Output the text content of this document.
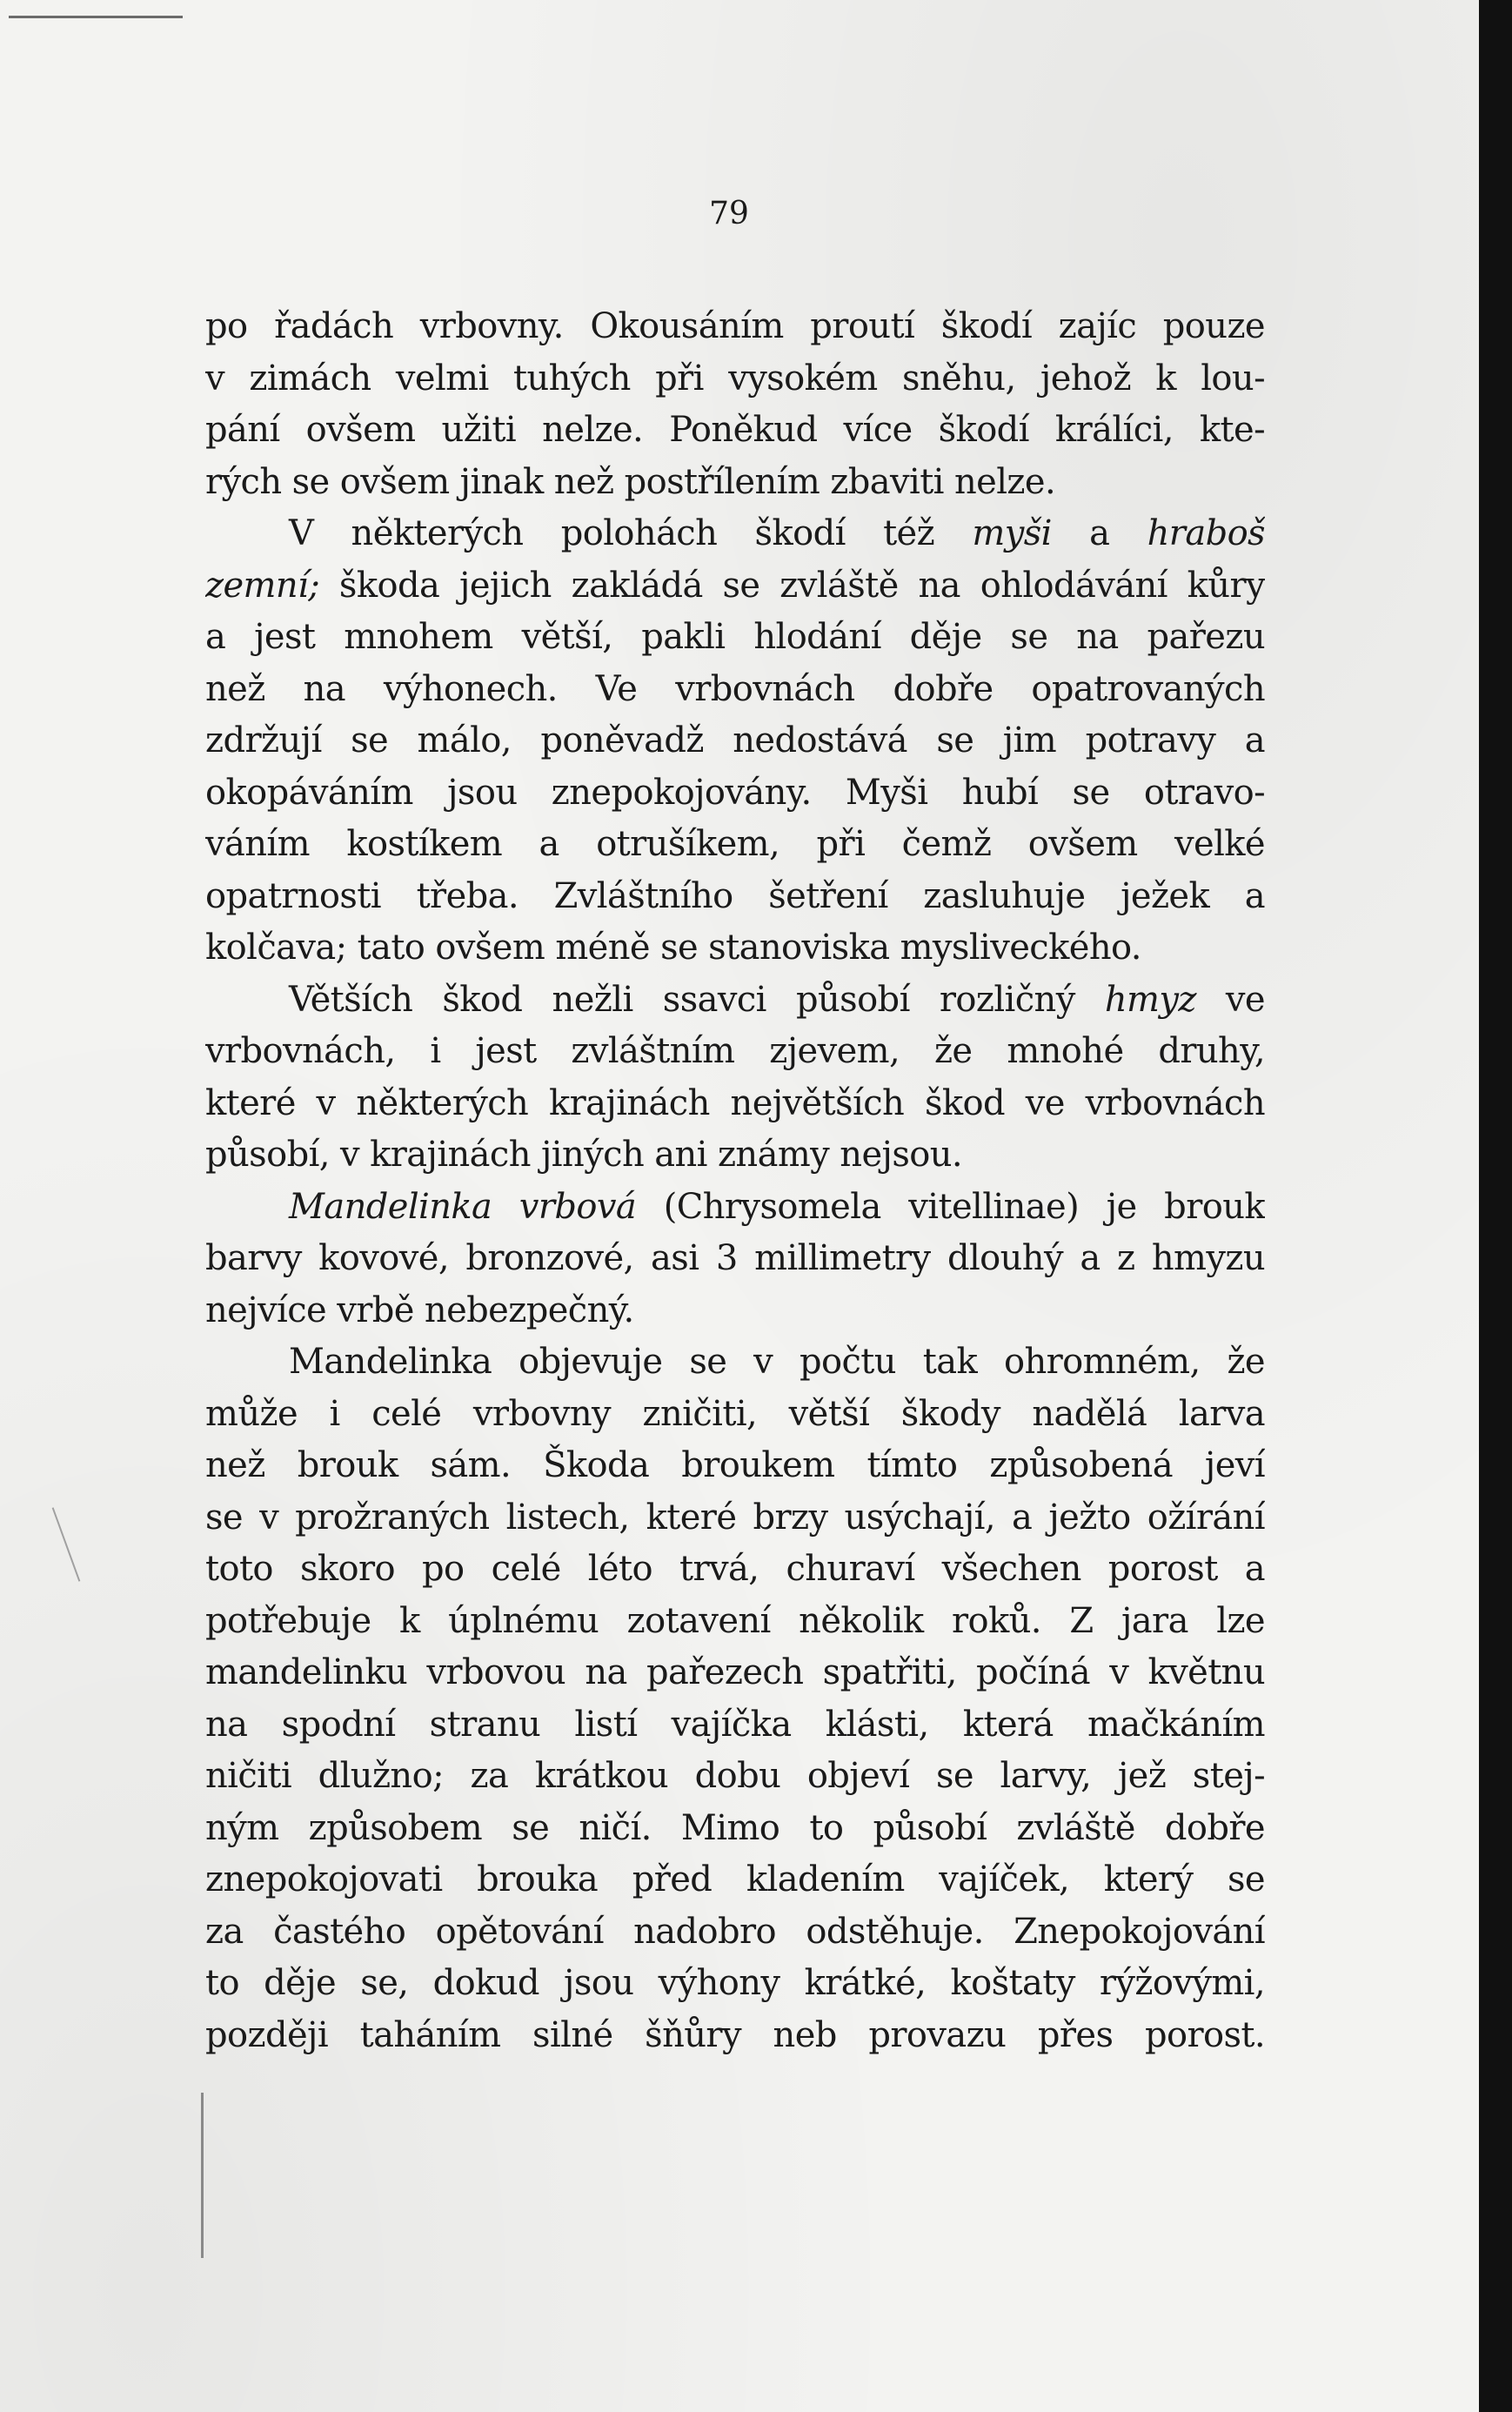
79
po řadách vrbovny. Okousáním proutí škodí zajíc pouze
v zimách velmi tuhých při vysokém sněhu, jehož k lou-
pání ovšem užiti nelze. Poněkud více škodí králíci, kte-
rých se ovšem jinak než postřílením zbaviti nelze.
V některých polohách škodí též myši a hraboš
zemní; škoda jejich zakládá se zvláště na ohlodávání kůry
a jest mnohem větší, pakli hlodání děje se na pařezu
než na výhonech. Ve vrbovnách dobře opatrovaných
zdržují se málo, poněvadž nedostává se jim potravy a
okopáváním jsou znepokojovány. Myši hubí se otravo-
váním kostíkem a otrušíkem, při čemž ovšem velké
opatrnosti třeba. Zvláštního šetření zasluhuje ježek a
kolčava; tato ovšem méně se stanoviska mysliveckého.
Větších škod nežli ssavci působí rozličný hmyz ve
vrbovnách, i jest zvláštním zjevem, že mnohé druhy,
které v některých krajinách největších škod ve vrbovnách
působí, v krajinách jiných ani známy nejsou.
Mandelinka vrbová (Chrysomela vitellinae) je brouk
barvy kovové, bronzové, asi 3 millimetry dlouhý a z hmyzu
nejvíce vrbě nebezpečný.
Mandelinka objevuje se v počtu tak ohromném, že
může i celé vrbovny zničiti, větší škody nadělá larva
než brouk sám. Škoda broukem tímto způsobená jeví
se v prožraných listech, které brzy usýchají, a ježto ožírání
toto skoro po celé léto trvá, churaví všechen porost a
potřebuje k úplnému zotavení několik roků. Z jara lze
mandelinku vrbovou na pařezech spatřiti, počíná v květnu
na spodní stranu listí vajíčka klásti, která mačkáním
ničiti dlužno; za krátkou dobu objeví se larvy, jež stej-
ným způsobem se ničí. Mimo to působí zvláště dobře
znepokojovati brouka před kladením vajíček, který se
za častého opětování nadobro odstěhuje. Znepokojování
to děje se, dokud jsou výhony krátké, koštaty rýžovými,
později taháním silné šňůry neb provazu přes porost.
